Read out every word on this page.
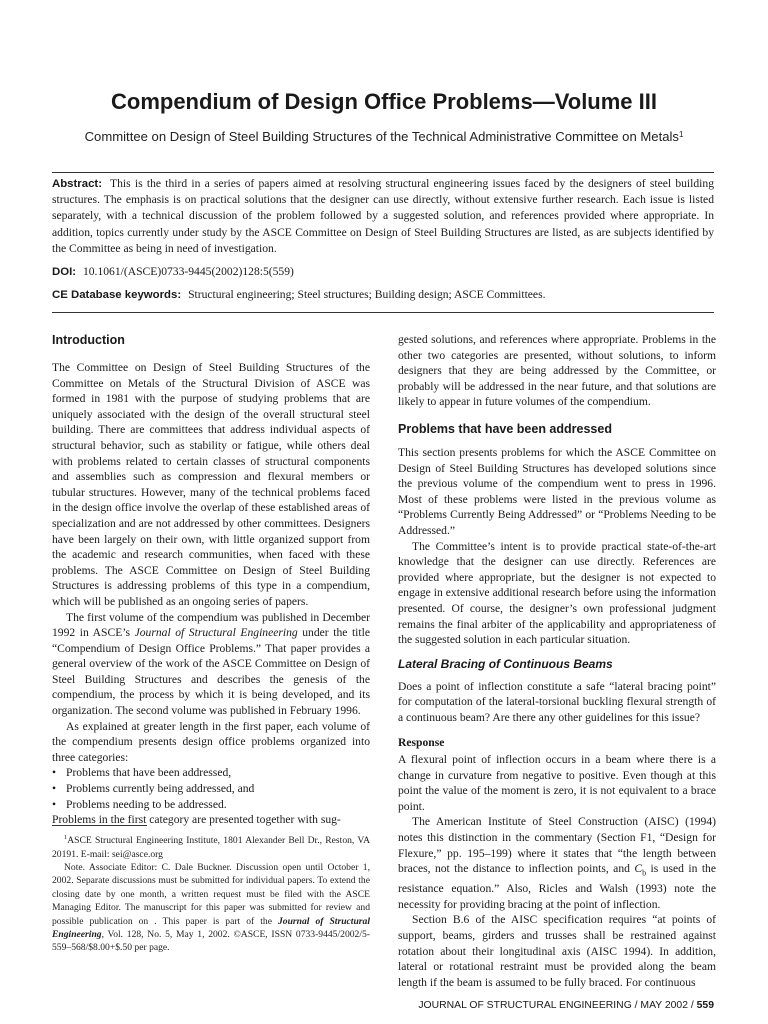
Compendium of Design Office Problems—Volume III
Committee on Design of Steel Building Structures of the Technical Administrative Committee on Metals$^1$

Abstract: This is the third in a series of papers aimed at resolving structural engineering issues faced by the designers of steel building structures. The emphasis is on practical solutions that the designer can use directly, without extensive further research. Each issue is listed separately, with a technical discussion of the problem followed by a suggested solution, and references provided where appropriate. In addition, topics currently under study by the ASCE Committee on Design of Steel Building Structures are listed, as are subjects identified by the Committee as being in need of investigation.

DOI: 10.1061/(ASCE)0733-9445(2002)128:5(559)

CE Database keywords: Structural engineering; Steel structures; Building design; ASCE Committees.

Introduction

The Committee on Design of Steel Building Structures of the Committee on Metals of the Structural Division of ASCE was formed in 1981 with the purpose of studying problems that are uniquely associated with the design of the overall structural steel building. There are committees that address individual aspects of structural behavior, such as stability or fatigue, while others deal with problems related to certain classes of structural components and assemblies such as compression and flexural members or tubular structures. However, many of the technical problems faced in the design office involve the overlap of these established areas of specialization and are not addressed by other committees. Designers have been largely on their own, with little organized support from the academic and research communities, when faced with these problems. The ASCE Committee on Design of Steel Building Structures is addressing problems of this type in a compendium, which will be published as an ongoing series of papers.

The first volume of the compendium was published in December 1992 in ASCE’s Journal of Structural Engineering under the title “Compendium of Design Office Problems.” That paper provides a general overview of the work of the ASCE Committee on Design of Steel Building Structures and describes the genesis of the compendium, the process by which it is being developed, and its organization. The second volume was published in February 1996.

As explained at greater length in the first paper, each volume of the compendium presents design office problems organized into three categories:

• Problems that have been addressed,
• Problems currently being addressed, and
• Problems needing to be addressed.

Problems in the first category are presented together with sug-

$^1$ASCE Structural Engineering Institute, 1801 Alexander Bell Dr., Reston, VA 20191. E-mail: sei@asce.org

Note. Associate Editor: C. Dale Buckner. Discussion open until October 1, 2002. Separate discussions must be submitted for individual papers. To extend the closing date by one month, a written request must be filed with the ASCE Managing Editor. The manuscript for this paper was submitted for review and possible publication on . This paper is part of the Journal of Structural Engineering, Vol. 128, No. 5, May 1, 2002. ©ASCE, ISSN 0733-9445/2002/5-559–568/$8.00+$.50 per page.

gested solutions, and references where appropriate. Problems in the other two categories are presented, without solutions, to inform designers that they are being addressed by the Committee, or probably will be addressed in the near future, and that solutions are likely to appear in future volumes of the compendium.

Problems that have been addressed

This section presents problems for which the ASCE Committee on Design of Steel Building Structures has developed solutions since the previous volume of the compendium went to press in 1996. Most of these problems were listed in the previous volume as “Problems Currently Being Addressed” or “Problems Needing to be Addressed.”

The Committee’s intent is to provide practical state-of-the-art knowledge that the designer can use directly. References are provided where appropriate, but the designer is not expected to engage in extensive additional research before using the information presented. Of course, the designer’s own professional judgment remains the final arbiter of the applicability and appropriateness of the suggested solution in each particular situation.

Lateral Bracing of Continuous Beams

Does a point of inflection constitute a safe “lateral bracing point” for computation of the lateral-torsional buckling flexural strength of a continuous beam? Are there any other guidelines for this issue?

Response

A flexural point of inflection occurs in a beam where there is a change in curvature from negative to positive. Even though at this point the value of the moment is zero, it is not equivalent to a brace point.

The American Institute of Steel Construction (AISC) (1994) notes this distinction in the commentary (Section F1, “Design for Flexure,” pp. 195–199) where it states that “the length between braces, not the distance to inflection points, and $C_b$ is used in the resistance equation.” Also, Ricles and Walsh (1993) note the necessity for providing bracing at the point of inflection.

Section B.6 of the AISC specification requires “at points of support, beams, girders and trusses shall be restrained against rotation about their longitudinal axis (AISC 1994). In addition, lateral or rotational restraint must be provided along the beam length if the beam is assumed to be fully braced. For continuous

JOURNAL OF STRUCTURAL ENGINEERING / MAY 2002 / 559
